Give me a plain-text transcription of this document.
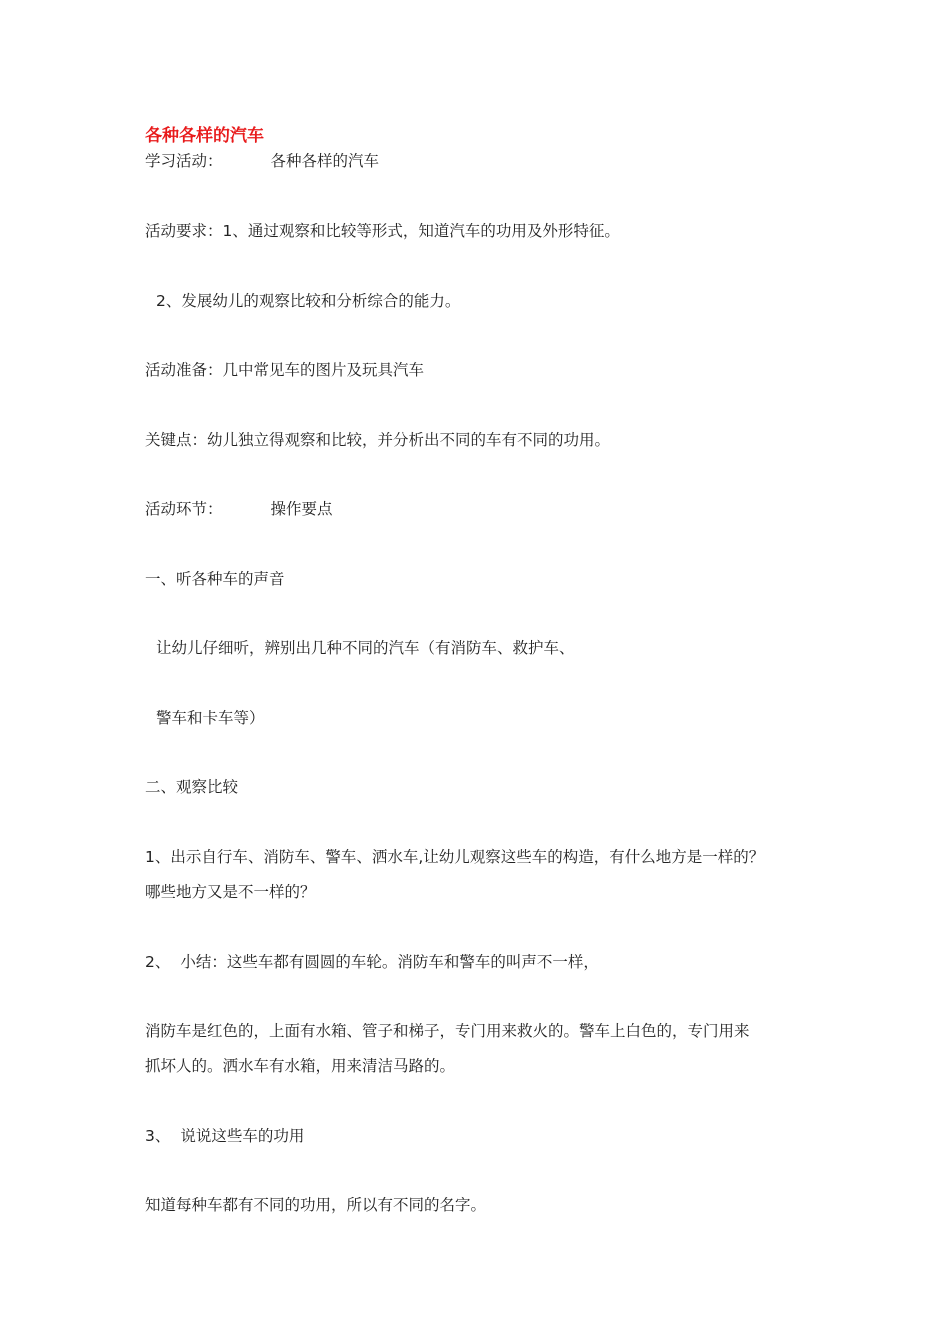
各种各样的汽车
学习活动：	各种各样的汽车
活动要求：1、通过观察和比较等形式，知道汽车的功用及外形特征。
2、发展幼儿的观察比较和分析综合的能力。
活动准备：几中常见车的图片及玩具汽车
关键点：幼儿独立得观察和比较，并分析出不同的车有不同的功用。
活动环节：	操作要点
一、听各种车的声音
让幼儿仔细听，辨别出几种不同的汽车（有消防车、救护车、
警车和卡车等）
二、观察比较
1、出示自行车、消防车、警车、洒水车,让幼儿观察这些车的构造，有什么地方是一样的？
哪些地方又是不一样的？
2、 小结：这些车都有圆圆的车轮。消防车和警车的叫声不一样，
消防车是红色的，上面有水箱、管子和梯子，专门用来救火的。警车上白色的，专门用来
抓坏人的。洒水车有水箱，用来清洁马路的。
3、 说说这些车的功用
知道每种车都有不同的功用，所以有不同的名字。
